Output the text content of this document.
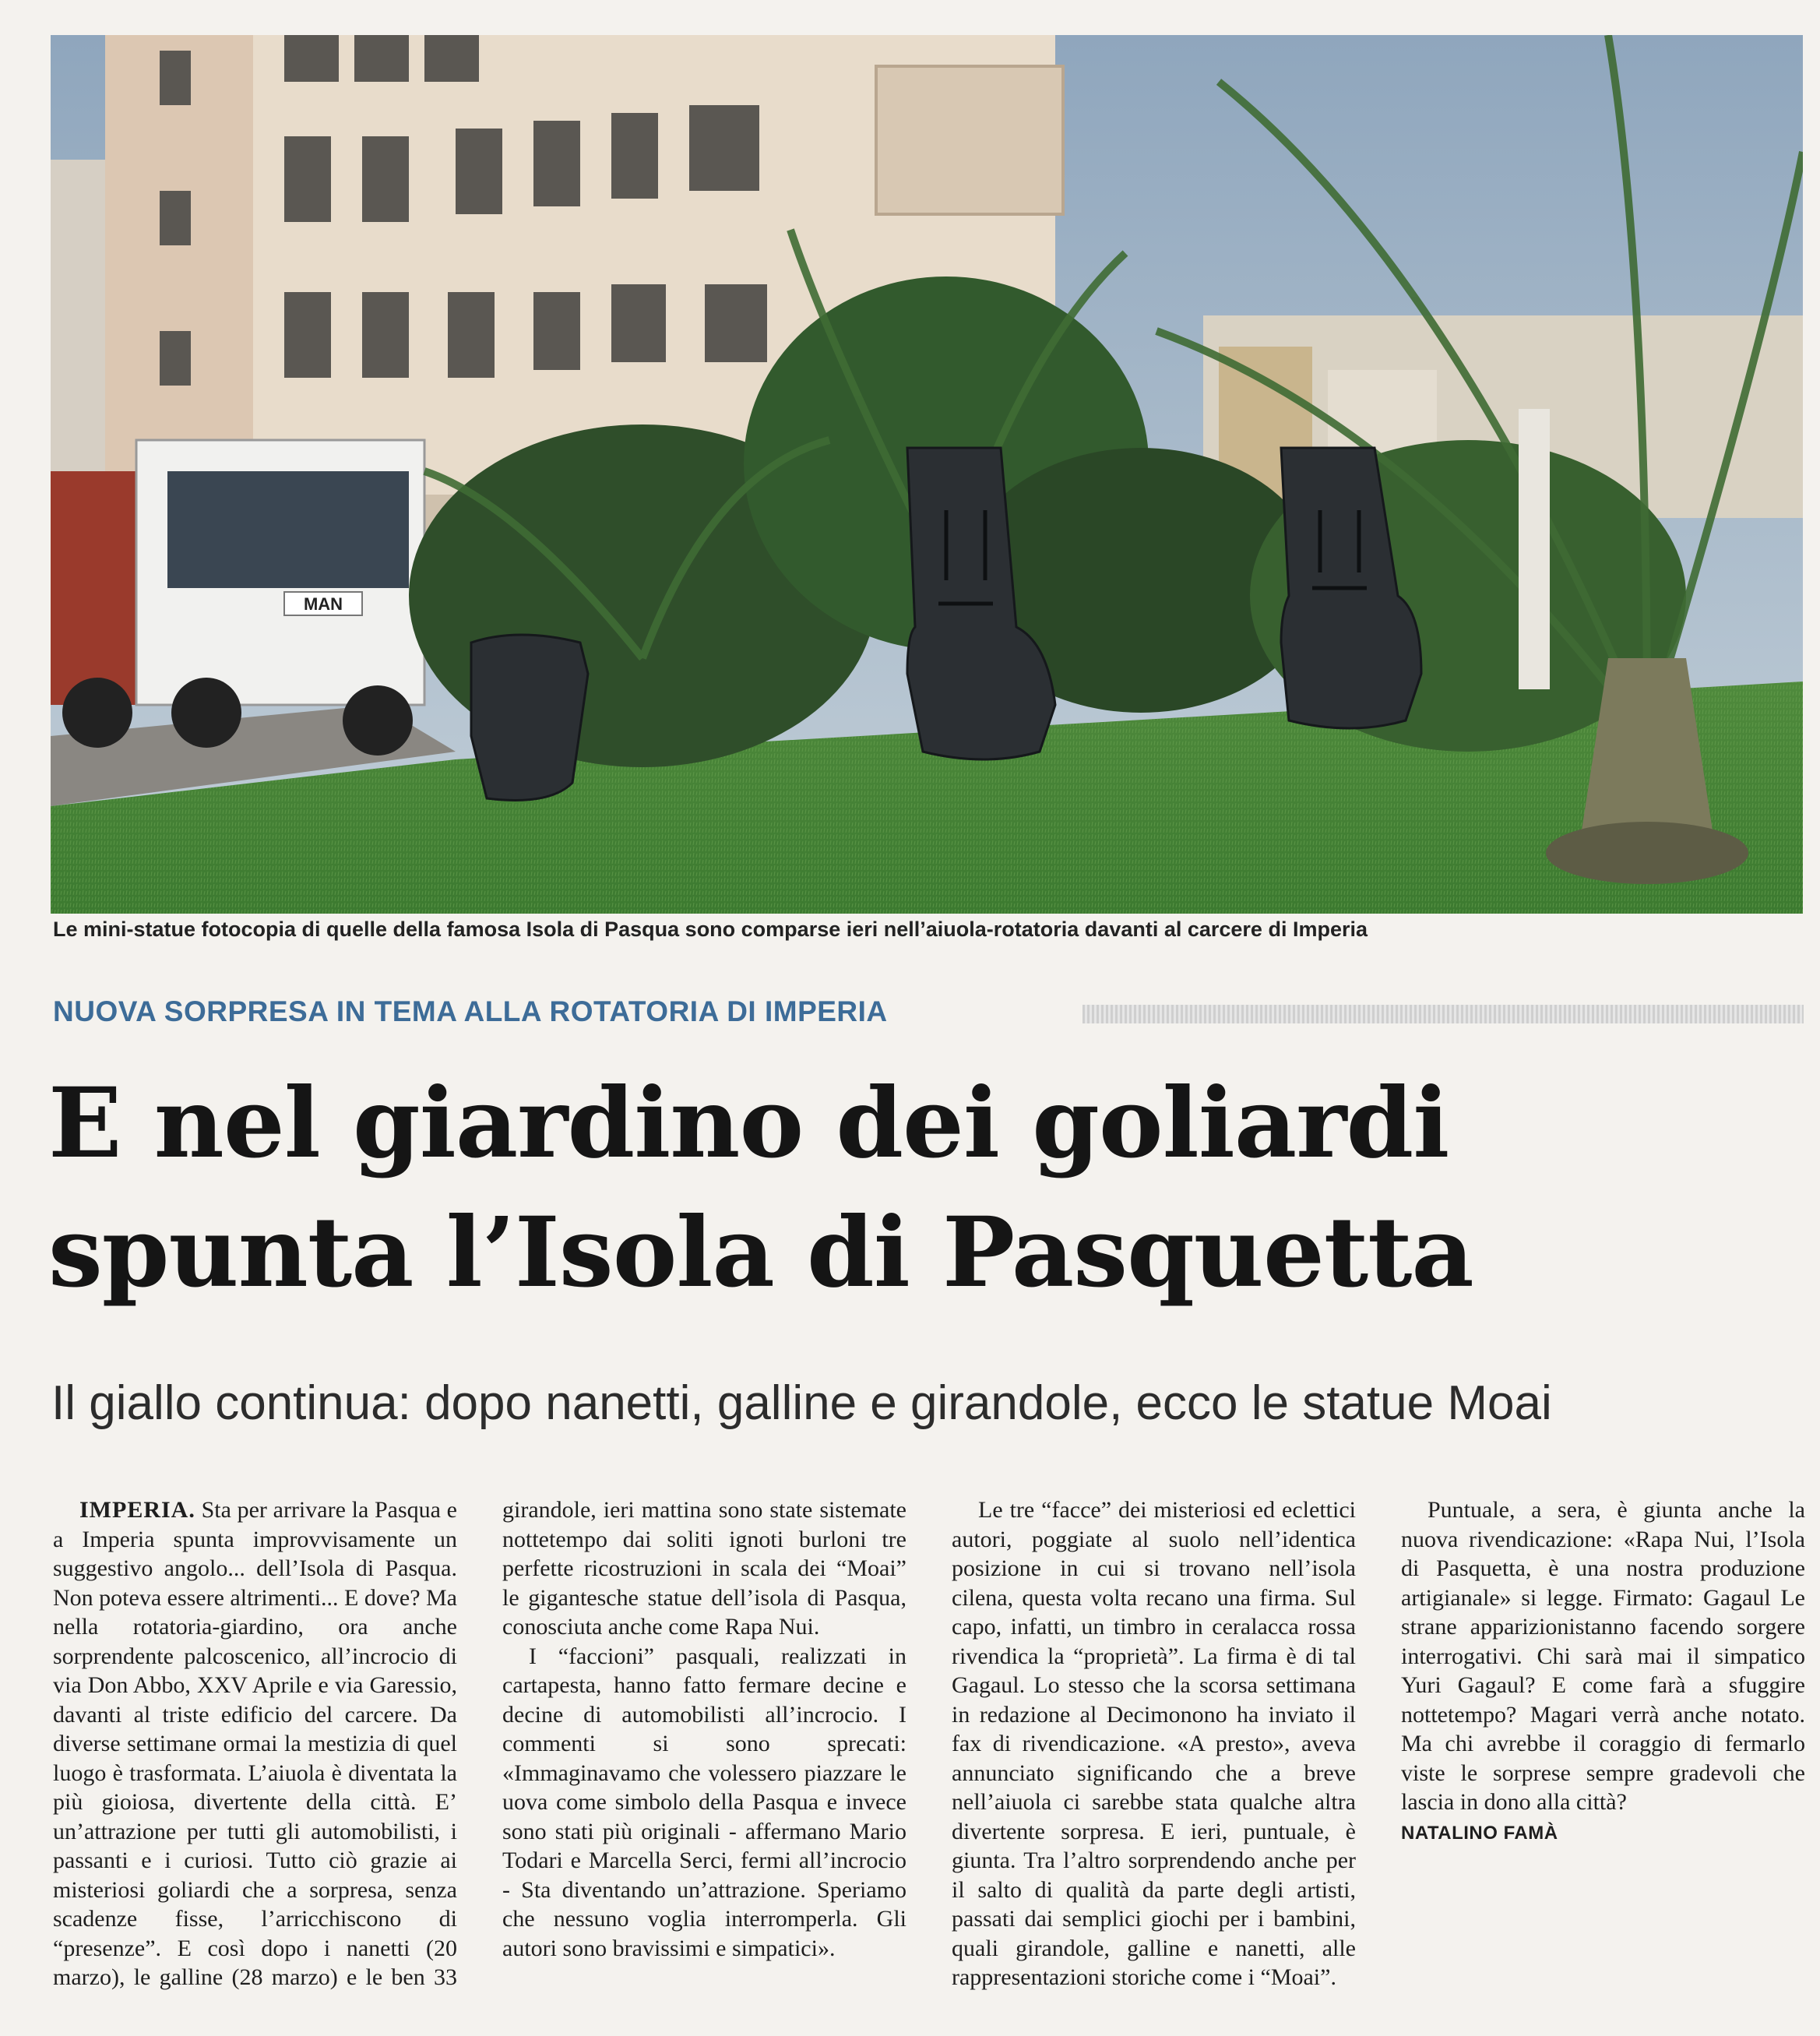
MAN
Le mini-statue fotocopia di quelle della famosa Isola di Pasqua sono comparse ieri nell’aiuola-rotatoria davanti al carcere di Imperia
NUOVA SORPRESA IN TEMA ALLA ROTATORIA DI IMPERIA
E nel giardino dei goliardi
spunta l’Isola di Pasquetta
Il giallo continua: dopo nanetti, galline e girandole, ecco le statue Moai

IMPERIA. Sta per arrivare la Pasqua e a Imperia spunta improvvisamente un suggestivo angolo... dell’Isola di Pasqua. Non poteva essere altrimenti... E dove? Ma nella rotatoria-giardino, ora anche sorprendente palcoscenico, all’incrocio di via Don Abbo, XXV Aprile e via Garessio, davanti al triste edificio del carcere. Da diverse settimane ormai la mestizia di quel luogo è trasformata. L’aiuola è diventata la più gioiosa, divertente della città. E’ un’attrazione per tutti gli automobilisti, i passanti e i curiosi. Tutto ciò grazie ai misteriosi goliardi che a sorpresa, senza scadenze fisse, l’arricchiscono di “presenze”. E così dopo i nanetti (20 marzo), le galline (28 marzo) e le ben 33 girandole, ieri mattina sono state sistemate nottetempo dai soliti ignoti burloni tre perfette ricostruzioni in scala dei “Moai” le gigantesche statue dell’isola di Pasqua, conosciuta anche come Rapa Nui.

I “faccioni” pasquali, realizzati in cartapesta, hanno fatto fermare decine e decine di automobilisti all’incrocio. I commenti si sono sprecati: «Immaginavamo che volessero piazzare le uova come simbolo della Pasqua e invece sono stati più originali - affermano Mario Todari e Marcella Serci, fermi all’incrocio - Sta diventando un’attrazione. Speriamo che nessuno voglia interromperla. Gli autori sono bravissimi e simpatici».

Le tre “facce” dei misteriosi ed eclettici autori, poggiate al suolo nell’identica posizione in cui si trovano nell’isola cilena, questa volta recano una firma. Sul capo, infatti, un timbro in ceralacca rossa rivendica la “proprietà”. La firma è di tal Gagaul. Lo stesso che la scorsa settimana in redazione al Decimonono ha inviato il fax di rivendicazione. «A presto», aveva annunciato significando che a breve nell’aiuola ci sarebbe stata qualche altra divertente sorpresa. E ieri, puntuale, è giunta. Tra l’altro sorprendendo anche per il salto di qualità da parte degli artisti, passati dai semplici giochi per i bambini, quali girandole, galline e nanetti, alle rappresentazioni storiche come i “Moai”.

Puntuale, a sera, è giunta anche la nuova rivendicazione: «Rapa Nui, l’Isola di Pasquetta, è una nostra produzione artigianale» si legge. Firmato: Gagaul Le strane apparizionistanno facendo sorgere interrogativi. Chi sarà mai il simpatico Yuri Gagaul? E come farà a sfuggire nottetempo? Magari verrà anche notato. Ma chi avrebbe il coraggio di fermarlo viste le sorprese sempre gradevoli che lascia in dono alla città?

NATALINO FAMÀ
